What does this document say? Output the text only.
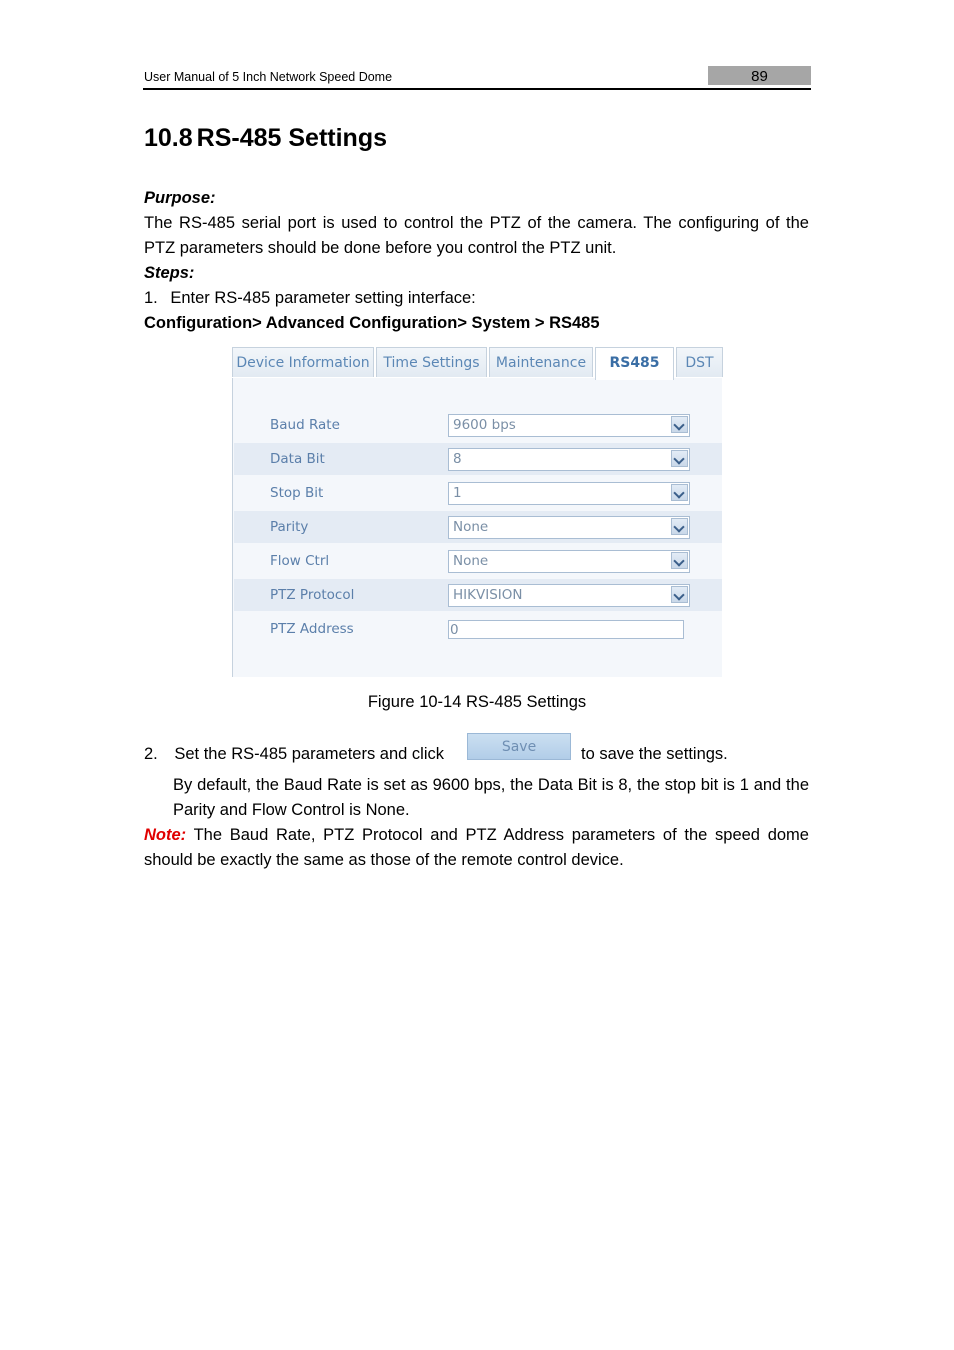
User Manual of 5 Inch Network Speed Dome	89
10.8 RS-485 Settings
Purpose:
The RS-485 serial port is used to control the PTZ of the camera. The configuring of the PTZ parameters should be done before you control the PTZ unit.
Steps:
1. Enter RS-485 parameter setting interface:
Configuration> Advanced Configuration> System > RS485
Device Information Time Settings	Maintenance	RS485	DST
Baud Rate	9600 bps
Data Bit	8
Stop Bit	1
Parity	None
Flow Ctrl	None
PTZ Protocol	HIKVISION
PTZ Address	0
Figure 10-14 RS-485 Settings
2. Set the RS-485 parameters and click	to save the settings.
Save
By default, the Baud Rate is set as 9600 bps, the Data Bit is 8, the stop bit is 1 and the Parity and Flow Control is None.
Note: The Baud Rate, PTZ Protocol and PTZ Address parameters of the speed dome should be exactly the same as those of the remote control device.
